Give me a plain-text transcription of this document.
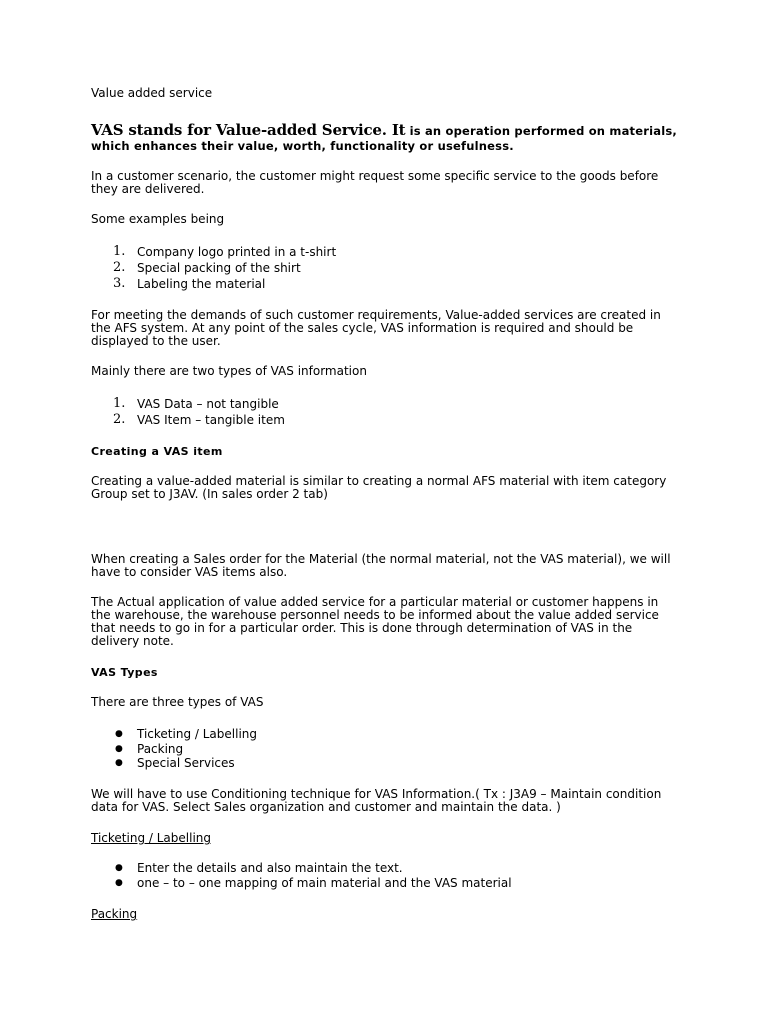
Value added service

VAS stands for Value-added Service. It is an operation performed on materials,
which enhances their value, worth, functionality or usefulness.

In a customer scenario, the customer might request some specific service to the goods before they are delivered.

Some examples being

1. Company logo printed in a t-shirt
2. Special packing of the shirt
3. Labeling the material

For meeting the demands of such customer requirements, Value-added services are created in the AFS system. At any point of the sales cycle, VAS information is required and should be displayed to the user.

Mainly there are two types of VAS information

1. VAS Data – not tangible
2. VAS Item – tangible item

Creating a VAS item

Creating a value-added material is similar to creating a normal AFS material with item category Group set to J3AV. (In sales order 2 tab)

When creating a Sales order for the Material (the normal material, not the VAS material), we will have to consider VAS items also.

The Actual application of value added service for a particular material or customer happens in the warehouse, the warehouse personnel needs to be informed about the value added service that needs to go in for a particular order. This is done through determination of VAS in the delivery note.

VAS Types

There are three types of VAS

● Ticketing / Labelling
● Packing
● Special Services

We will have to use Conditioning technique for VAS Information.( Tx : J3A9 – Maintain condition data for VAS. Select Sales organization and customer and maintain the data. )

Ticketing / Labelling

● Enter the details and also maintain the text.
● one – to – one mapping of main material and the VAS material

Packing
